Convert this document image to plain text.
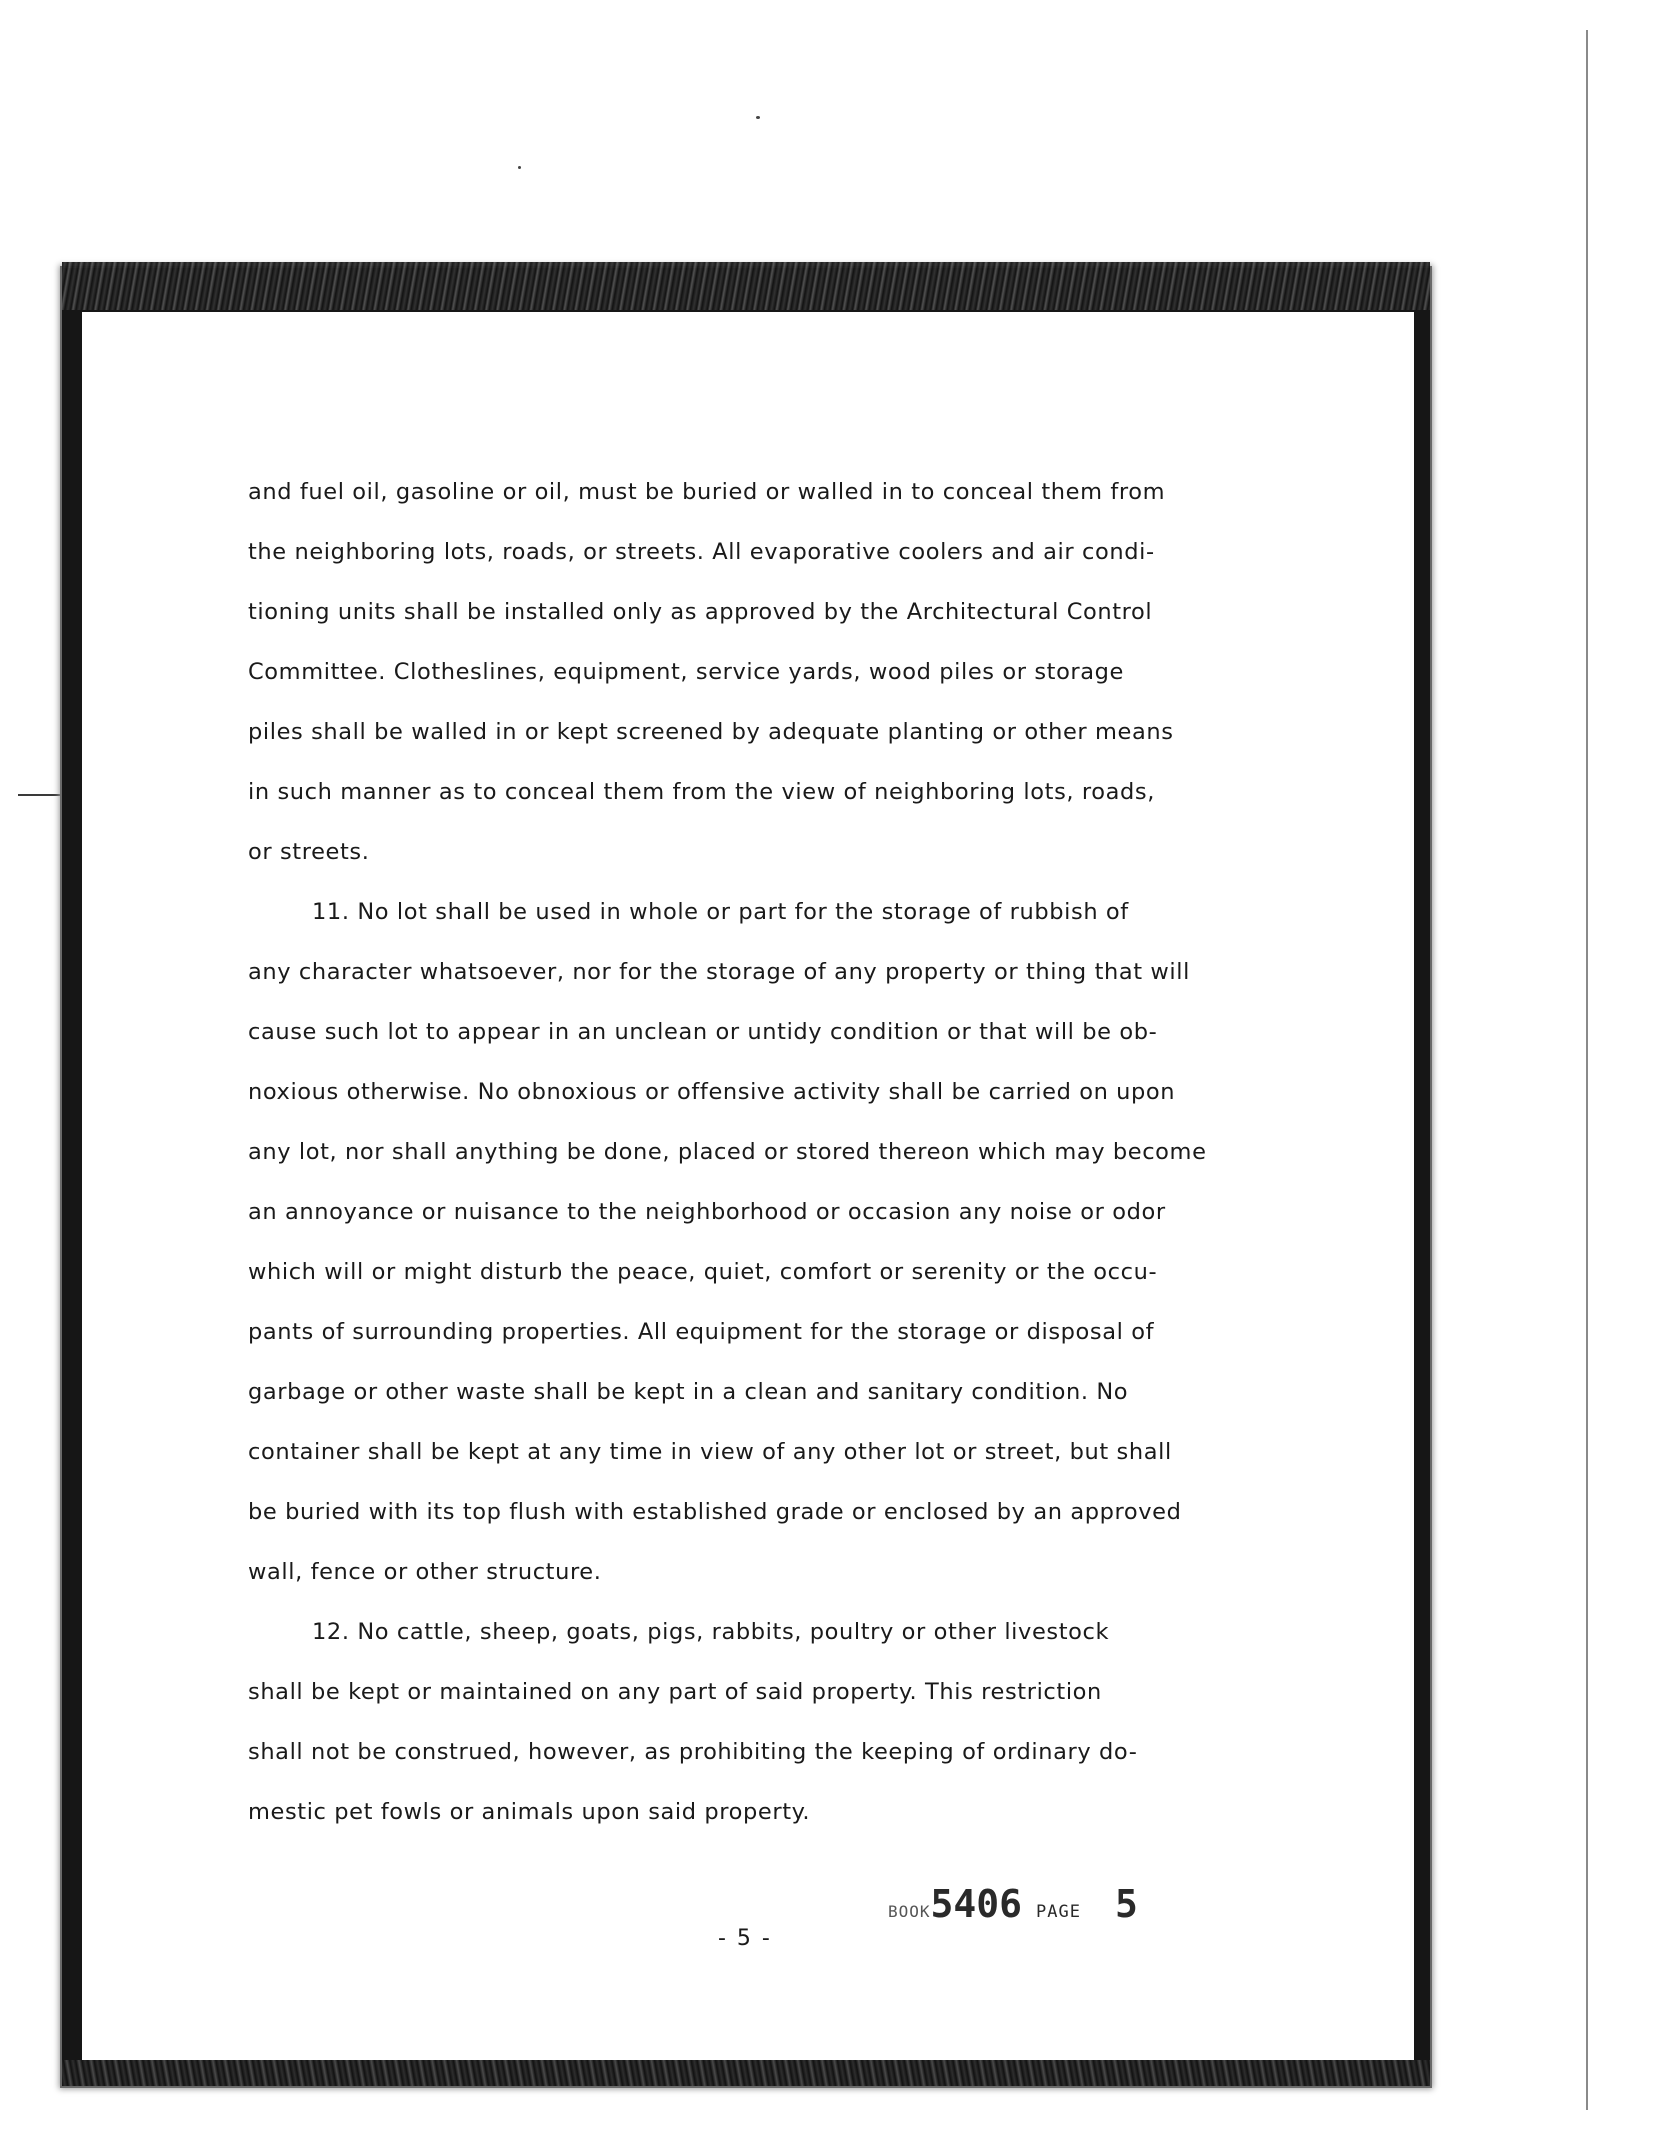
and fuel oil, gasoline or oil, must be buried or walled in to conceal them from
the neighboring lots, roads, or streets. All evaporative coolers and air condi-
tioning units shall be installed only as approved by the Architectural Control
Committee. Clotheslines, equipment, service yards, wood piles or storage
piles shall be walled in or kept screened by adequate planting or other means
in such manner as to conceal them from the view of neighboring lots, roads,
or streets.
11. No lot shall be used in whole or part for the storage of rubbish of
any character whatsoever, nor for the storage of any property or thing that will
cause such lot to appear in an unclean or untidy condition or that will be ob-
noxious otherwise. No obnoxious or offensive activity shall be carried on upon
any lot, nor shall anything be done, placed or stored thereon which may become
an annoyance or nuisance to the neighborhood or occasion any noise or odor
which will or might disturb the peace, quiet, comfort or serenity or the occu-
pants of surrounding properties. All equipment for the storage or disposal of
garbage or other waste shall be kept in a clean and sanitary condition. No
container shall be kept at any time in view of any other lot or street, but shall
be buried with its top flush with established grade or enclosed by an approved
wall, fence or other structure.
12. No cattle, sheep, goats, pigs, rabbits, poultry or other livestock
shall be kept or maintained on any part of said property. This restriction
shall not be construed, however, as prohibiting the keeping of ordinary do-
mestic pet fowls or animals upon said property.
BOOK 5406 PAGE 5
- 5 -
